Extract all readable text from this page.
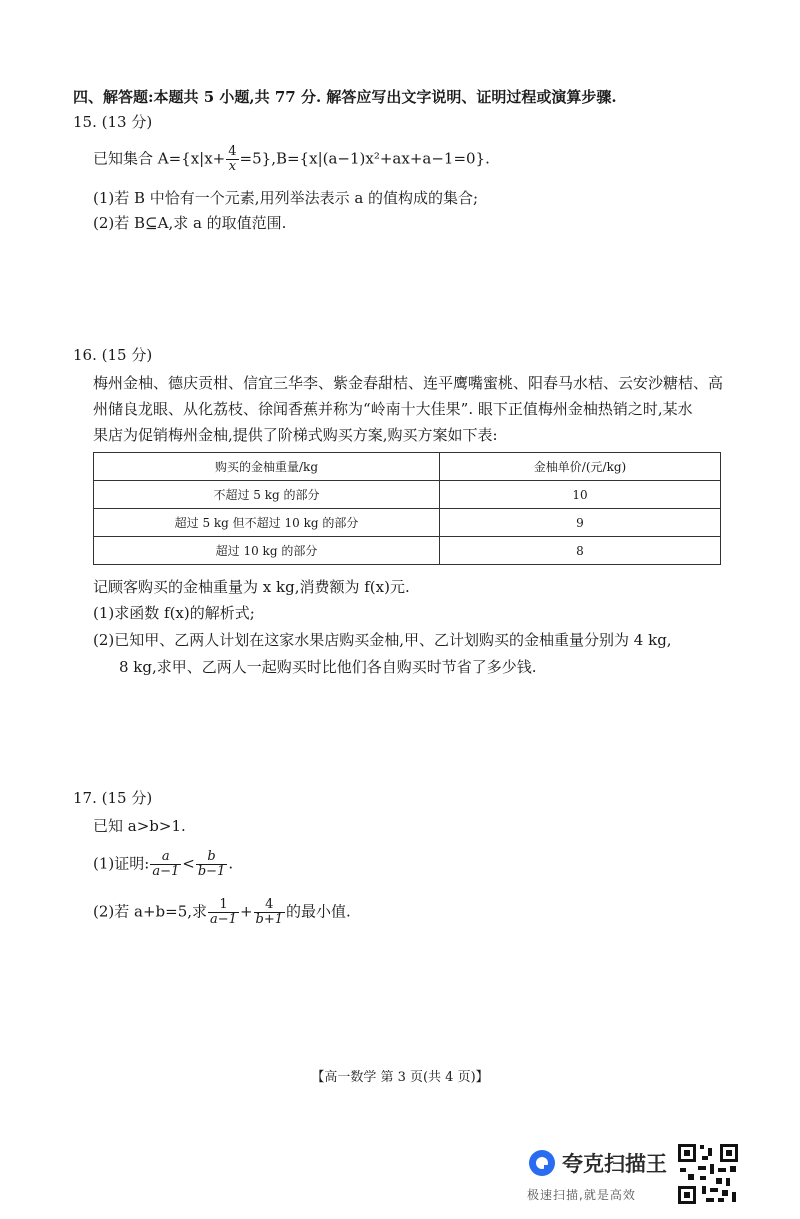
四、解答题:本题共 5 小题,共 77 分. 解答应写出文字说明、证明过程或演算步骤.
15. (13 分)
已知集合 $A=\{x|x+ \frac{4}{x} =5\},B=\{x|(a-1)x^2+ax+a-1=0\}$.
(1)若 B 中恰有一个元素,用列举法表示 a 的值构成的集合;
(2)若 B⊆A,求 a 的取值范围.
16. (15 分)
梅州金柚、德庆贡柑、信宜三华李、紫金春甜桔、连平鹰嘴蜜桃、阳春马水桔、云安沙糖桔、高
州储良龙眼、从化荔枝、徐闻香蕉并称为“岭南十大佳果”. 眼下正值梅州金柚热销之时,某水
果店为促销梅州金柚,提供了阶梯式购买方案,购买方案如下表:
购买的金柚重量/kg	金柚单价/(元/kg)
不超过 5 kg 的部分	10
超过 5 kg 但不超过 10 kg 的部分	9
超过 10 kg 的部分	8
记顾客购买的金柚重量为 x kg,消费额为 f(x)元.
(1)求函数 f(x)的解析式;
(2)已知甲、乙两人计划在这家水果店购买金柚,甲、乙计划购买的金柚重量分别为 4 kg,
8 kg,求甲、乙两人一起购买时比他们各自购买时节省了多少钱.
17. (15 分)
已知 a>b>1.
(1)证明: $\frac{a}{a-1} < \frac{b}{b-1}$ .
(2)若 a+b=5,求 $\frac{1}{a-1} + \frac{4}{b+1}$ 的最小值.
【高一数学 第 3 页(共 4 页)】
夸克扫描王
极速扫描,就是高效
